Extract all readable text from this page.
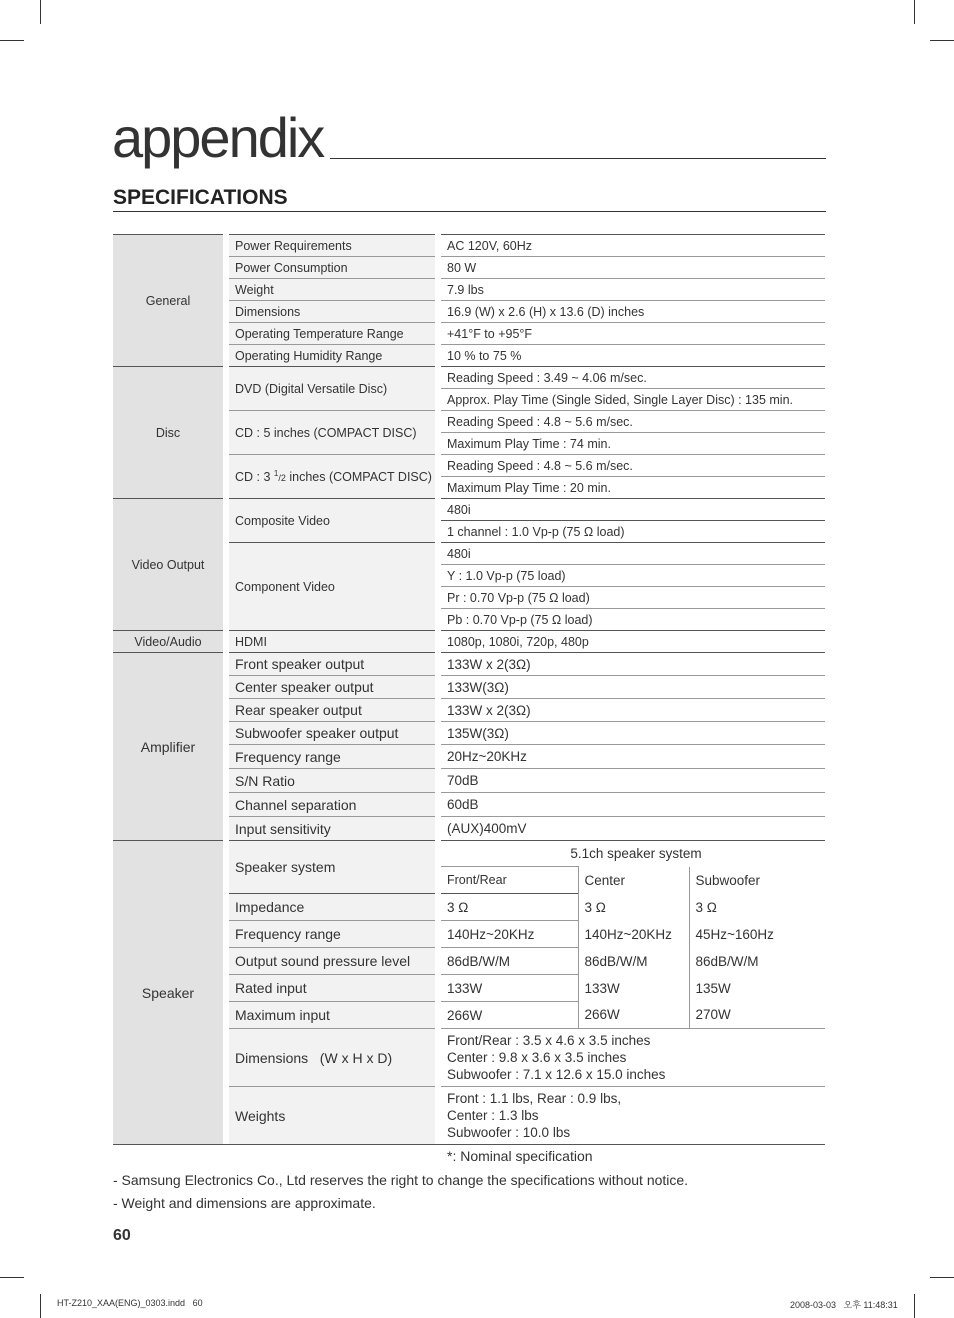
appendix
SPECIFICATIONS
General		Power Requirements		AC 120V, 60Hz		
		Power Consumption		80 W		
		Weight		7.9 lbs		
		Dimensions		16.9 (W) x 2.6 (H) x 13.6 (D) inches		
		Operating Temperature Range		+41°F to +95°F		
		Operating Humidity Range		10 % to 75 %		
Disc		DVD (Digital Versatile Disc)		Reading Speed : 3.49 ~ 4.06 m/sec.		
				Approx. Play Time (Single Sided, Single Layer Disc) : 135 min.		
		CD : 5 inches (COMPACT DISC)		Reading Speed : 4.8 ~ 5.6 m/sec.		
				Maximum Play Time : 74 min.		
		CD : 3 $^1$/2 inches (COMPACT DISC)		Reading Speed : 4.8 ~ 5.6 m/sec.		
				Maximum Play Time : 20 min.		
Video Output		Composite Video		480i		
				1 channel : 1.0 Vp-p (75 Ω load)		
		Component Video		480i		
				Y : 1.0 Vp-p (75 load)		
				Pr : 0.70 Vp-p (75 Ω load)		
				Pb : 0.70 Vp-p (75 Ω load)		
Video/Audio		HDMI		1080p, 1080i, 720p, 480p		
Amplifier		Front speaker output		133W x 2(3Ω)		
		Center speaker output		133W(3Ω)		
		Rear speaker output		133W x 2(3Ω)		
		Subwoofer speaker output		135W(3Ω)		
		Frequency range		20Hz~20KHz		
		S/N Ratio		70dB		
		Channel separation		60dB		
		Input sensitivity		(AUX)400mV		
Speaker		Speaker system		5.1ch speaker system		
				Front/Rear	Center	Subwoofer
		Impedance		3 Ω	3 Ω	3 Ω
		Frequency range		140Hz~20KHz	140Hz~20KHz	45Hz~160Hz
		Output sound pressure level		86dB/W/M	86dB/W/M	86dB/W/M
		Rated input		133W	133W	135W
		Maximum input		266W	266W	270W
		Dimensions   (W x H x D)		Front/Rear : 3.5 x 4.6 x 3.5 inches
Center : 9.8 x 3.6 x 3.5 inches
Subwoofer : 7.1 x 12.6 x 15.0 inches		

		Weights		Front : 1.1 lbs, Rear : 0.9 lbs,
Center : 1.3 lbs
Subwoofer : 10.0 lbs		
*: Nominal specification
- Samsung Electronics Co., Ltd reserves the right to change the specifications without notice.
- Weight and dimensions are approximate.
60
HT-Z210_XAA(ENG)_0303.indd   60	2008-03-03   오후 11:48:31
